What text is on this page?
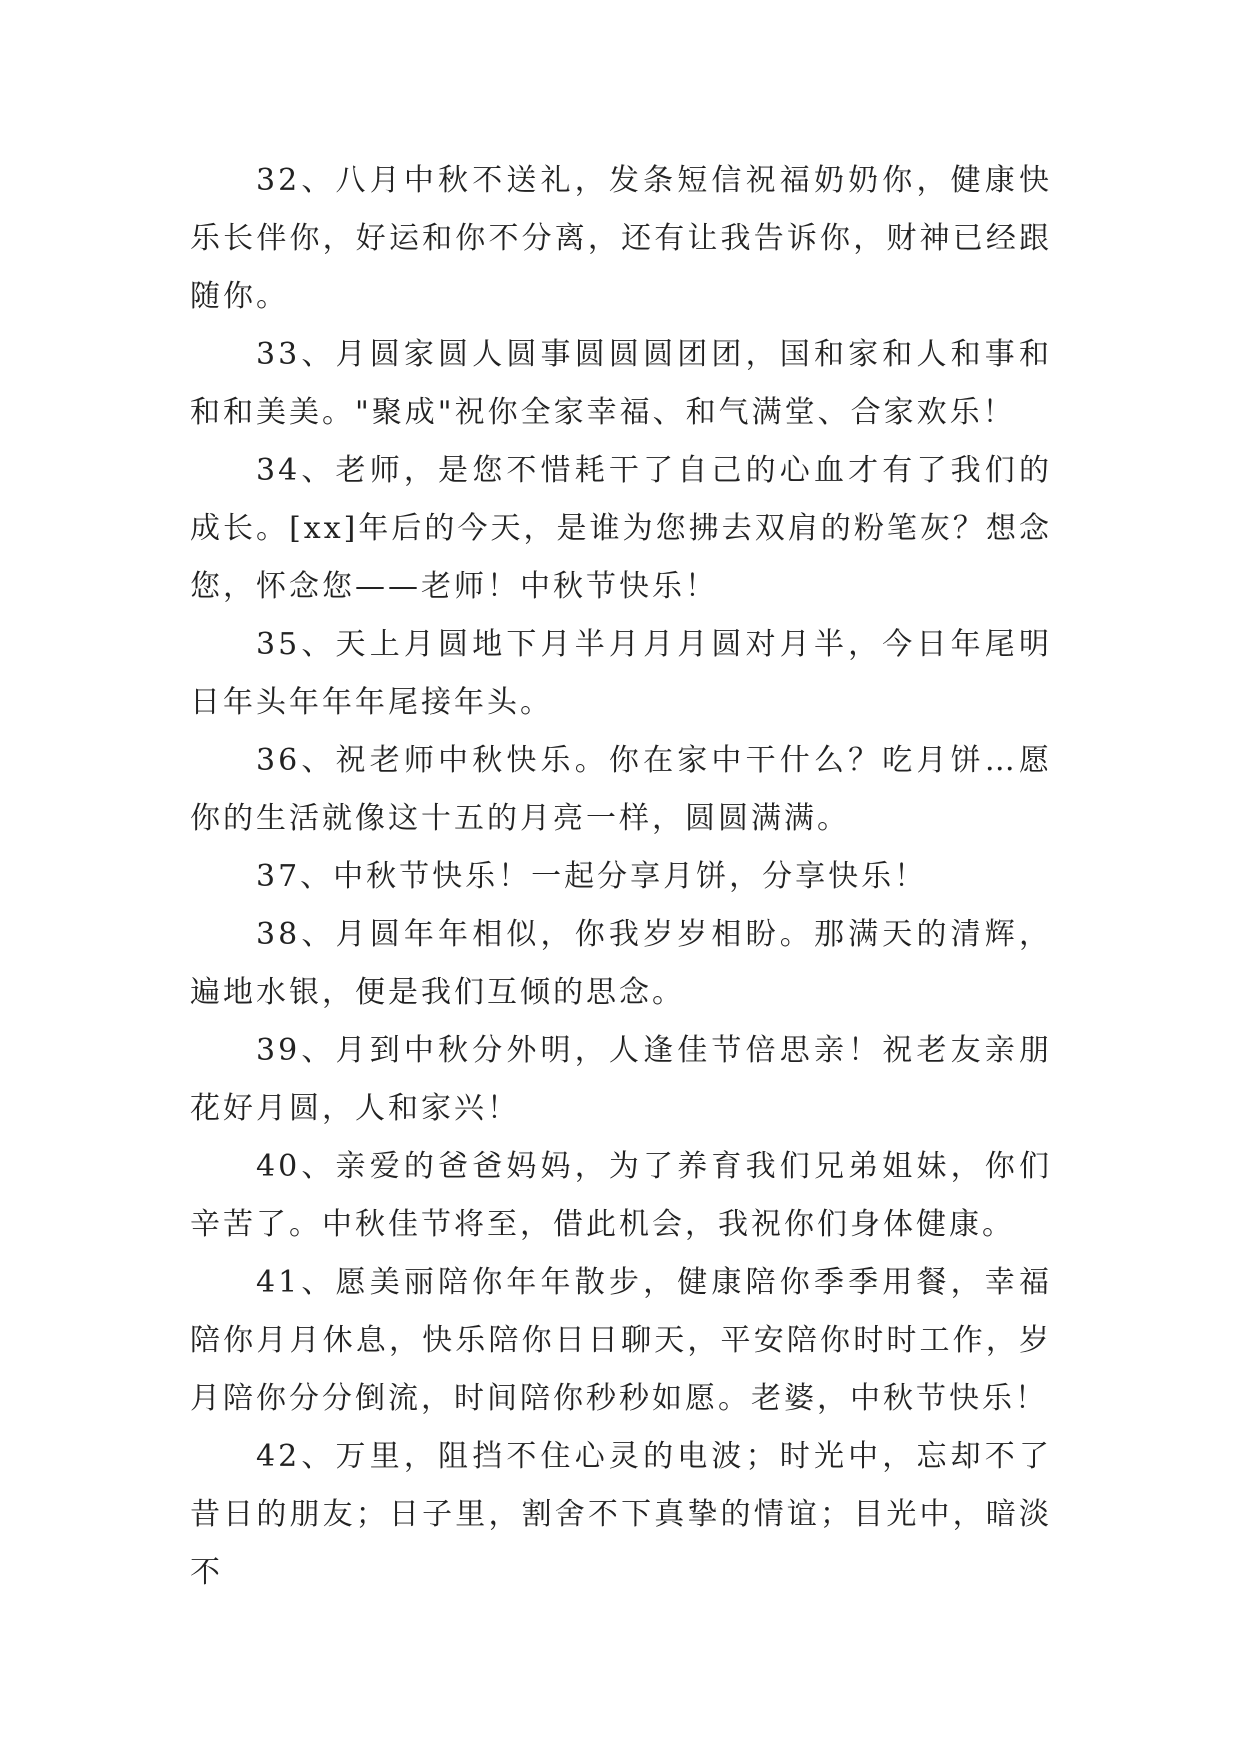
32、八月中秋不送礼，发条短信祝福奶奶你，健康快乐长伴你，好运和你不分离，还有让我告诉你，财神已经跟随你。

33、月圆家圆人圆事圆圆圆团团，国和家和人和事和和和美美。"聚成"祝你全家幸福、和气满堂、合家欢乐！

34、老师，是您不惜耗干了自己的心血才有了我们的成长。[xx]年后的今天，是谁为您拂去双肩的粉笔灰？想念您，怀念您——老师！中秋节快乐！

35、天上月圆地下月半月月月圆对月半，今日年尾明日年头年年年尾接年头。

36、祝老师中秋快乐。你在家中干什么？吃月饼…愿你的生活就像这十五的月亮一样，圆圆满满。

37、中秋节快乐！一起分享月饼，分享快乐！

38、月圆年年相似，你我岁岁相盼。那满天的清辉，遍地水银，便是我们互倾的思念。

39、月到中秋分外明，人逢佳节倍思亲！祝老友亲朋花好月圆，人和家兴！

40、亲爱的爸爸妈妈，为了养育我们兄弟姐妹，你们辛苦了。中秋佳节将至，借此机会，我祝你们身体健康。

41、愿美丽陪你年年散步，健康陪你季季用餐，幸福陪你月月休息，快乐陪你日日聊天，平安陪你时时工作，岁月陪你分分倒流，时间陪你秒秒如愿。老婆，中秋节快乐！

42、万里，阻挡不住心灵的电波；时光中，忘却不了昔日的朋友；日子里，割舍不下真挚的情谊；目光中，暗淡不
